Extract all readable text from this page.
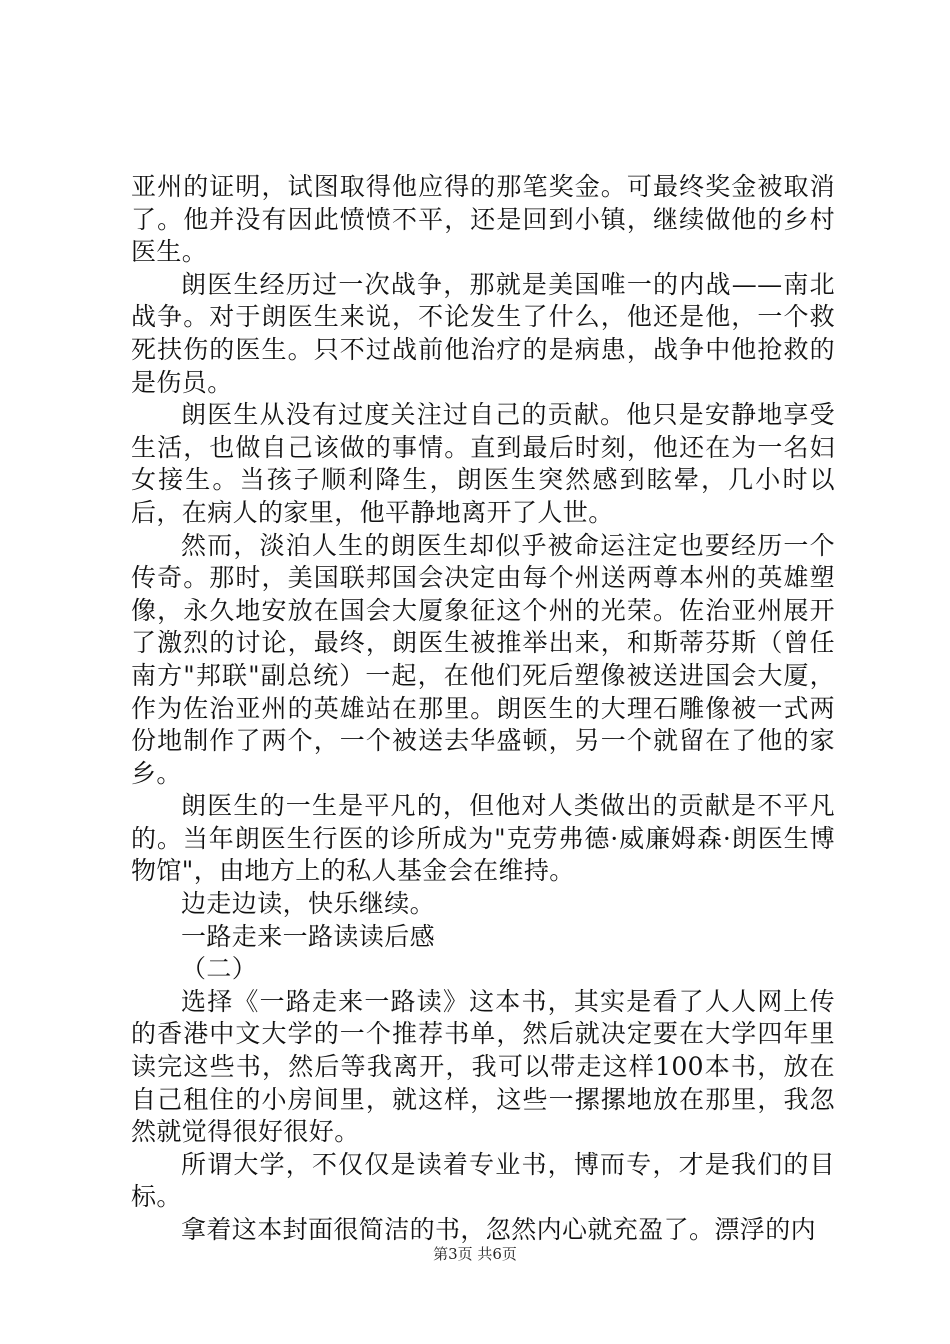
亚州的证明，试图取得他应得的那笔奖金。可最终奖金被取消了。他并没有因此愤愤不平，还是回到小镇，继续做他的乡村医生。

朗医生经历过一次战争，那就是美国唯一的内战——南北战争。对于朗医生来说，不论发生了什么，他还是他，一个救死扶伤的医生。只不过战前他治疗的是病患，战争中他抢救的是伤员。

朗医生从没有过度关注过自己的贡献。他只是安静地享受生活，也做自己该做的事情。直到最后时刻，他还在为一名妇女接生。当孩子顺利降生，朗医生突然感到眩晕，几小时以后，在病人的家里，他平静地离开了人世。

然而，淡泊人生的朗医生却似乎被命运注定也要经历一个传奇。那时，美国联邦国会决定由每个州送两尊本州的英雄塑像，永久地安放在国会大厦象征这个州的光荣。佐治亚州展开了激烈的讨论，最终，朗医生被推举出来，和斯蒂芬斯（曾任南方"邦联"副总统）一起，在他们死后塑像被送进国会大厦，作为佐治亚州的英雄站在那里。朗医生的大理石雕像被一式两份地制作了两个，一个被送去华盛顿，另一个就留在了他的家乡。

朗医生的一生是平凡的，但他对人类做出的贡献是不平凡的。当年朗医生行医的诊所成为"克劳弗德·威廉姆森·朗医生博物馆"，由地方上的私人基金会在维持。

边走边读，快乐继续。

一路走来一路读读后感

（二）

选择《一路走来一路读》这本书，其实是看了人人网上传的香港中文大学的一个推荐书单，然后就决定要在大学四年里读完这些书，然后等我离开，我可以带走这样100本书，放在自己租住的小房间里，就这样，这些一摞摞地放在那里，我忽然就觉得很好很好。

所谓大学，不仅仅是读着专业书，博而专，才是我们的目标。

拿着这本封面很简洁的书，忽然内心就充盈了。漂浮的内

第3页 共6页
